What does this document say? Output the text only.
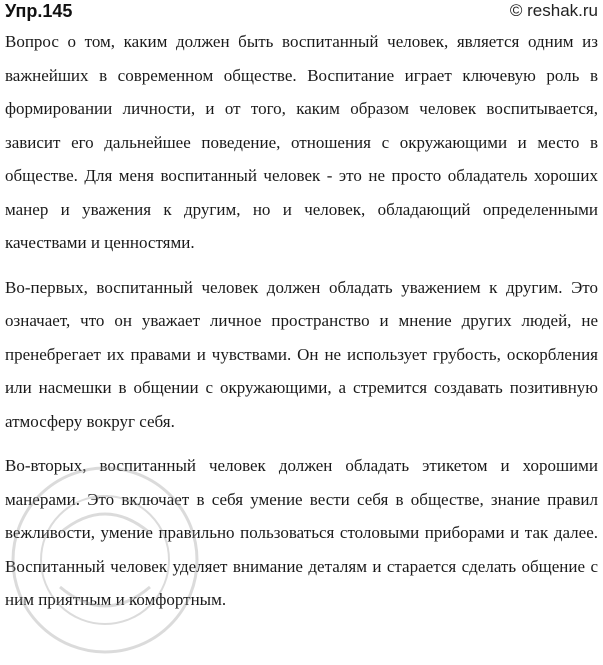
Упр.145	© reshak.ru

Вопрос о том, каким должен быть воспитанный человек, является одним из важнейших в современном обществе. Воспитание играет ключевую роль в формировании личности, и от того, каким образом человек воспитывается, зависит его дальнейшее поведение, отношения с окружающими и место в обществе. Для меня воспитанный человек - это не просто обладатель хороших манер и уважения к другим, но и человек, обладающий определенными качествами и ценностями.

Во-первых, воспитанный человек должен обладать уважением к другим. Это означает, что он уважает личное пространство и мнение других людей, не пренебрегает их правами и чувствами. Он не использует грубость, оскорбления или насмешки в общении с окружающими, а стремится создавать позитивную атмосферу вокруг себя.

Во-вторых, воспитанный человек должен обладать этикетом и хорошими манерами. Это включает в себя умение вести себя в обществе, знание правил вежливости, умение правильно пользоваться столовыми приборами и так далее. Воспитанный человек уделяет внимание деталям и старается сделать общение с ним приятным и комфортным.
